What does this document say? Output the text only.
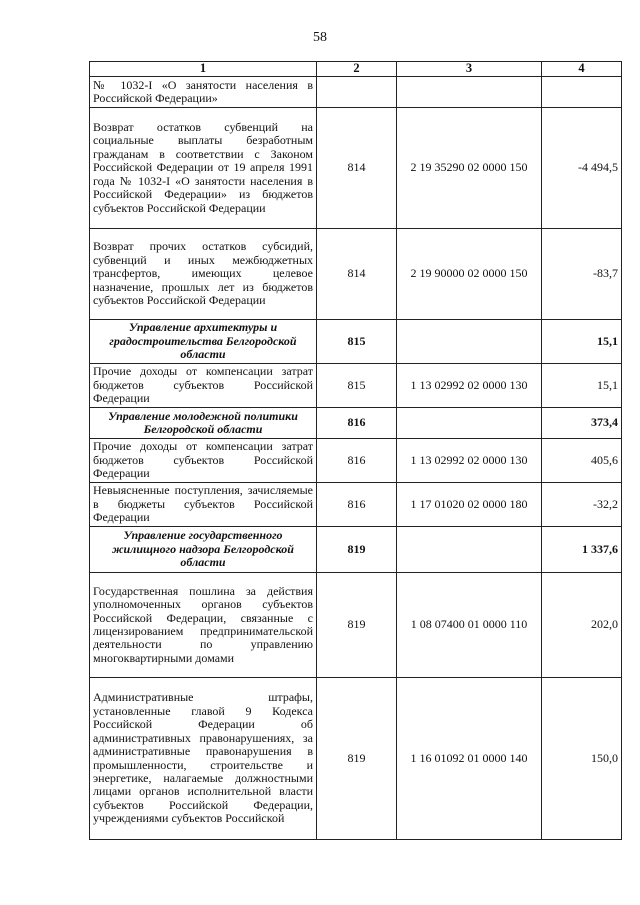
58
1	2	3	4
№ 1032-I «О занятости населения в Российской Федерации»			
Возврат остатков субвенций на социальные выплаты безработным гражданам в соответствии с Законом Российской Федерации от 19 апреля 1991 года № 1032-I «О занятости населения в Российской Федерации» из бюджетов субъектов Российской Федерации	814	2 19 35290 02 0000 150	-4 494,5
Возврат прочих остатков субсидий, субвенций и иных межбюджетных трансфертов, имеющих целевое назначение, прошлых лет из бюджетов субъектов Российской Федерации	814	2 19 90000 02 0000 150	-83,7
Управление архитектуры и градостроительства Белгородской области	815		15,1
Прочие доходы от компенсации затрат бюджетов субъектов Российской Федерации	815	1 13 02992 02 0000 130	15,1
Управление молодежной политики Белгородской области	816		373,4
Прочие доходы от компенсации затрат бюджетов субъектов Российской Федерации	816	1 13 02992 02 0000 130	405,6
Невыясненные поступления, зачисляемые в бюджеты субъектов Российской Федерации	816	1 17 01020 02 0000 180	-32,2
Управление государственного жилищного надзора Белгородской области	819		1 337,6
Государственная пошлина за действия уполномоченных органов субъектов Российской Федерации, связанные с лицензированием предпринимательской деятельности по управлению многоквартирными домами	819	1 08 07400 01 0000 110	202,0
Административные штрафы, установленные главой 9 Кодекса Российской Федерации об административных правонарушениях, за административные правонарушения в промышленности, строительстве и энергетике, налагаемые должностными лицами органов исполнительной власти субъектов Российской Федерации, учреждениями субъектов Российской	819	1 16 01092 01 0000 140	150,0
